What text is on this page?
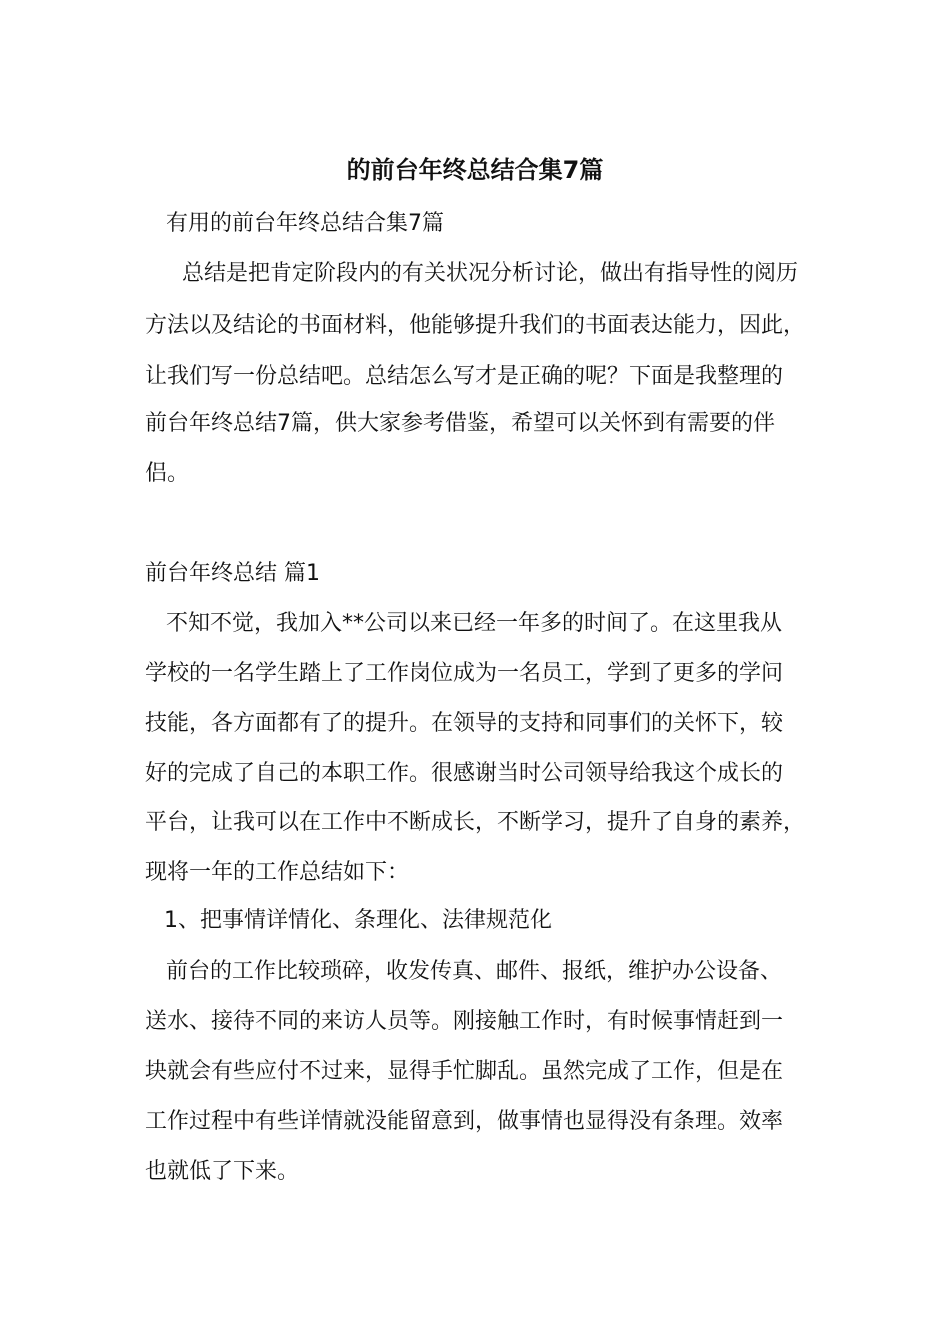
的前台年终总结合集7篇
有用的前台年终总结合集7篇
总结是把肯定阶段内的有关状况分析讨论，做出有指导性的阅历
方法以及结论的书面材料，他能够提升我们的书面表达能力，因此，
让我们写一份总结吧。总结怎么写才是正确的呢？下面是我整理的
前台年终总结7篇，供大家参考借鉴，希望可以关怀到有需要的伴
侣。
前台年终总结 篇1
不知不觉，我加入**公司以来已经一年多的时间了。在这里我从
学校的一名学生踏上了工作岗位成为一名员工，学到了更多的学问
技能，各方面都有了的提升。在领导的支持和同事们的关怀下，较
好的完成了自己的本职工作。很感谢当时公司领导给我这个成长的
平台，让我可以在工作中不断成长，不断学习，提升了自身的素养，
现将一年的工作总结如下：
1、把事情详情化、条理化、法律规范化
前台的工作比较琐碎，收发传真、邮件、报纸，维护办公设备、
送水、接待不同的来访人员等。刚接触工作时，有时候事情赶到一
块就会有些应付不过来，显得手忙脚乱。虽然完成了工作，但是在
工作过程中有些详情就没能留意到，做事情也显得没有条理。效率
也就低了下来。
